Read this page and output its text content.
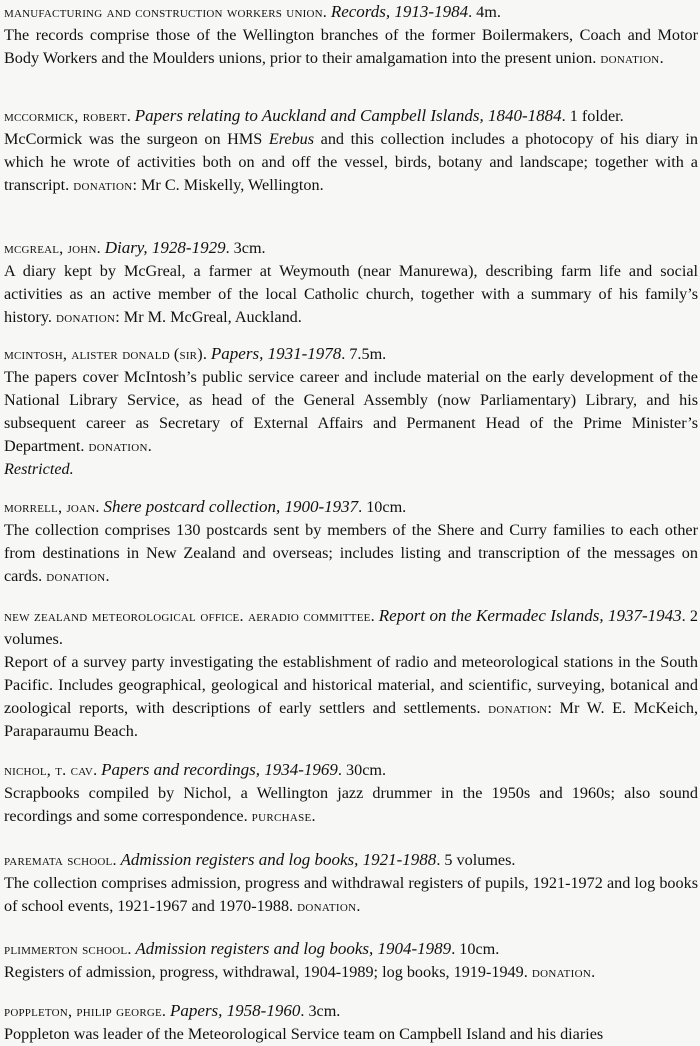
manufacturing and construction workers union. Records, 1913-1984. 4m.

The records comprise those of the Wellington branches of the former Boilermakers, Coach and Motor Body Workers and the Moulders unions, prior to their amalgamation into the present union. donation.

mccormick, robert. Papers relating to Auckland and Campbell Islands, 1840-1884. 1 folder.

McCormick was the surgeon on HMS Erebus and this collection includes a photocopy of his diary in which he wrote of activities both on and off the vessel, birds, botany and landscape; together with a transcript. donation: Mr C. Miskelly, Wellington.

mcgreal, john. Diary, 1928-1929. 3cm.

A diary kept by McGreal, a farmer at Weymouth (near Manurewa), describing farm life and social activities as an active member of the local Catholic church, together with a summary of his family’s history. donation: Mr M. McGreal, Auckland.

mcintosh, alister donald (sir). Papers, 1931-1978. 7.5m.

The papers cover McIntosh’s public service career and include material on the early development of the National Library Service, as head of the General Assembly (now Parliamentary) Library, and his subsequent career as Secretary of External Affairs and Permanent Head of the Prime Minister’s Department. donation.

Restricted.

morrell, joan. Shere postcard collection, 1900-1937. 10cm.

The collection comprises 130 postcards sent by members of the Shere and Curry families to each other from destinations in New Zealand and overseas; includes listing and transcription of the messages on cards. donation.

new zealand meteorological office. aeradio committee. Report on the Kermadec Islands, 1937-1943. 2 volumes.

Report of a survey party investigating the establishment of radio and meteorological stations in the South Pacific. Includes geographical, geological and historical material, and scientific, surveying, botanical and zoological reports, with descriptions of early settlers and settlements. donation: Mr W. E. McKeich, Paraparaumu Beach.

nichol, t. cav. Papers and recordings, 1934-1969. 30cm.

Scrapbooks compiled by Nichol, a Wellington jazz drummer in the 1950s and 1960s; also sound recordings and some correspondence. purchase.

paremata school. Admission registers and log books, 1921-1988. 5 volumes.

The collection comprises admission, progress and withdrawal registers of pupils, 1921-1972 and log books of school events, 1921-1967 and 1970-1988. donation.

plimmerton school. Admission registers and log books, 1904-1989. 10cm.

Registers of admission, progress, withdrawal, 1904-1989; log books, 1919-1949. donation.

poppleton, philip george. Papers, 1958-1960. 3cm.

Poppleton was leader of the Meteorological Service team on Campbell Island and his diaries
